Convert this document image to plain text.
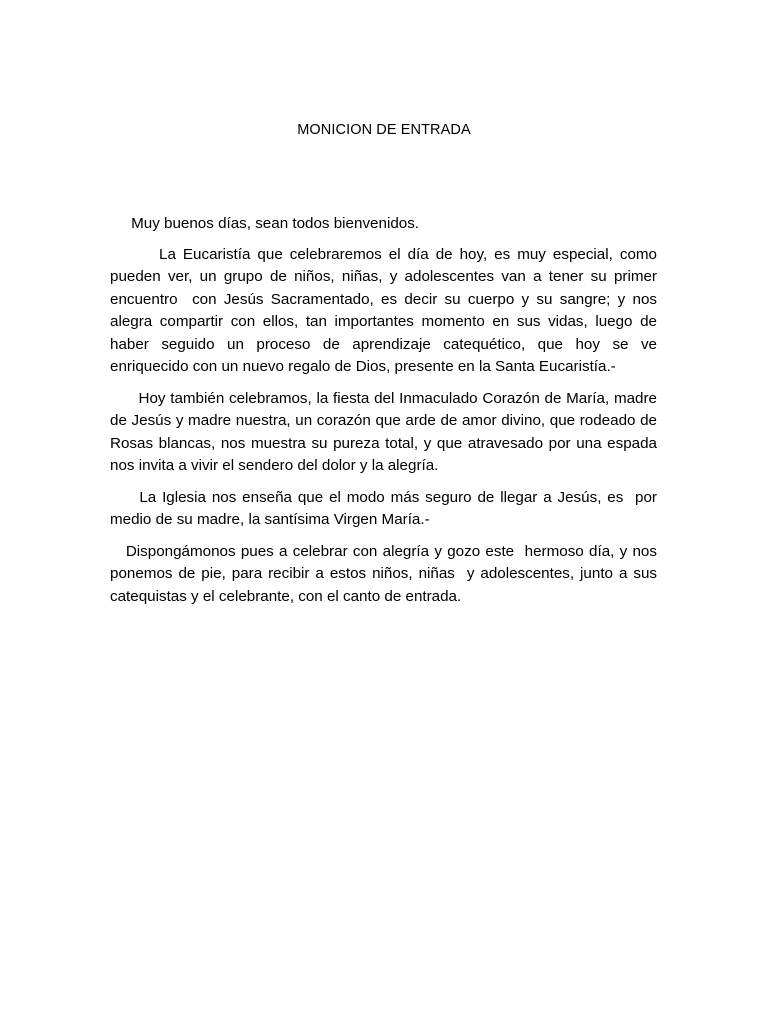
MONICION DE ENTRADA

Muy buenos días, sean todos bienvenidos.

La Eucaristía que celebraremos el día de hoy, es muy especial, como pueden ver, un grupo de niños, niñas, y adolescentes van a tener su primer encuentro  con Jesús Sacramentado, es decir su cuerpo y su sangre; y nos alegra compartir con ellos, tan importantes momento en sus vidas, luego de haber seguido un proceso de aprendizaje catequético, que hoy se ve enriquecido con un nuevo regalo de Dios, presente en la Santa Eucaristía.-

Hoy también celebramos, la fiesta del Inmaculado Corazón de María, madre de Jesús y madre nuestra, un corazón que arde de amor divino, que rodeado de Rosas blancas, nos muestra su pureza total, y que atravesado por una espada nos invita a vivir el sendero del dolor y la alegría.

La Iglesia nos enseña que el modo más seguro de llegar a Jesús, es  por medio de su madre, la santísima Virgen María.-

Dispongámonos pues a celebrar con alegría y gozo este  hermoso día, y nos ponemos de pie, para recibir a estos niños, niñas  y adolescentes, junto a sus catequistas y el celebrante, con el canto de entrada.
